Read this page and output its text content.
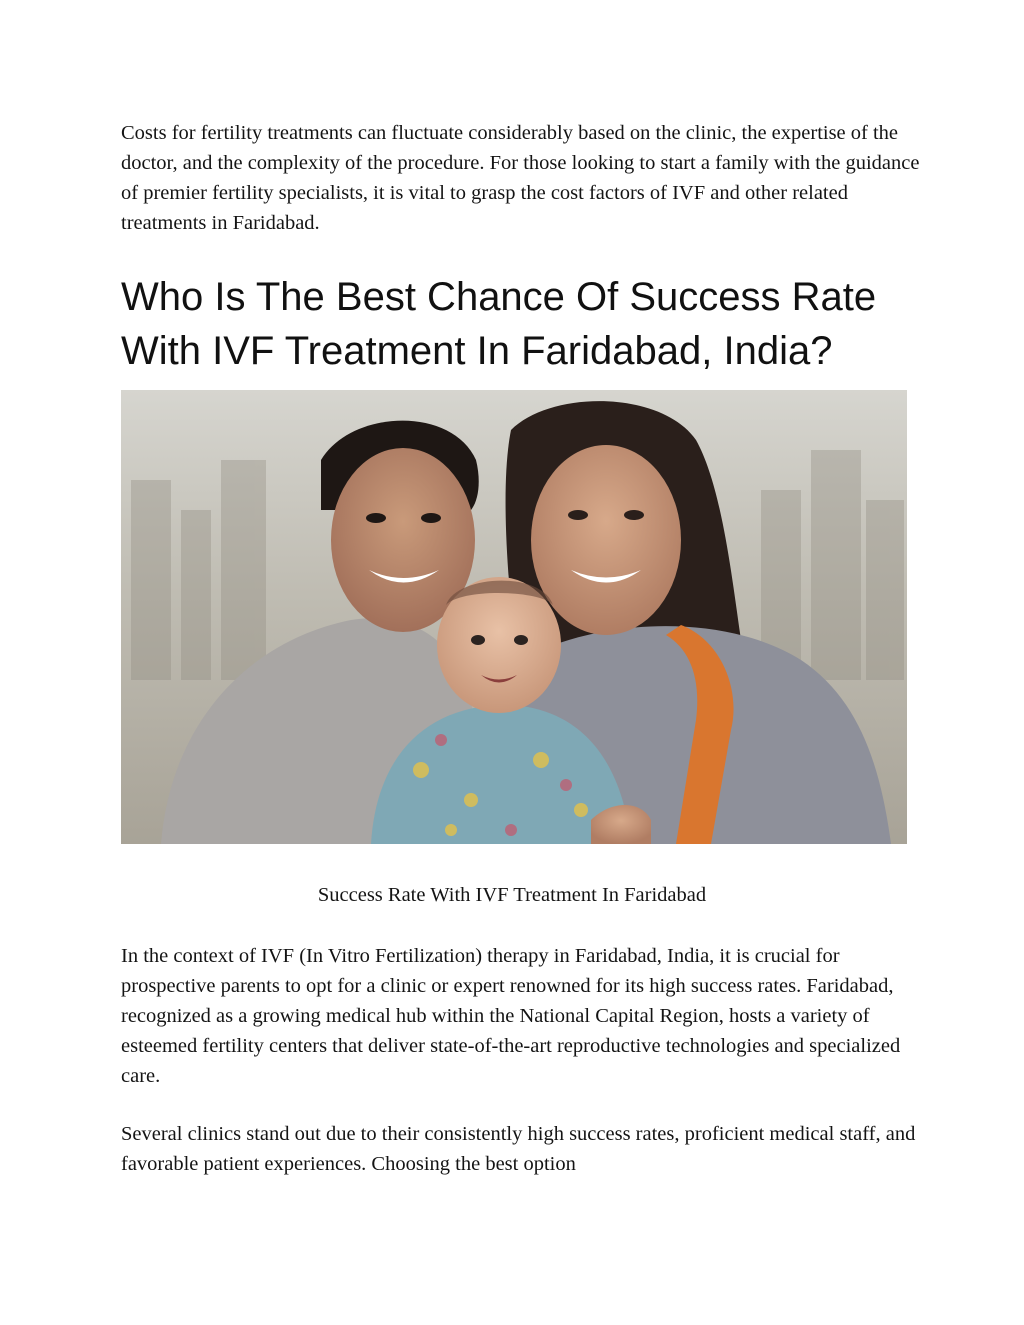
Costs for fertility treatments can fluctuate considerably based on the clinic, the expertise of the doctor, and the complexity of the procedure. For those looking to start a family with the guidance of premier fertility specialists, it is vital to grasp the cost factors of IVF and other related treatments in Faridabad.

Who Is The Best Chance Of Success Rate With IVF Treatment In Faridabad, India?
Success Rate With IVF Treatment In Faridabad

In the context of IVF (In Vitro Fertilization) therapy in Faridabad, India, it is crucial for prospective parents to opt for a clinic or expert renowned for its high success rates. Faridabad, recognized as a growing medical hub within the National Capital Region, hosts a variety of esteemed fertility centers that deliver state-of-the-art reproductive technologies and specialized care.

Several clinics stand out due to their consistently high success rates, proficient medical staff, and favorable patient experiences. Choosing the best option
